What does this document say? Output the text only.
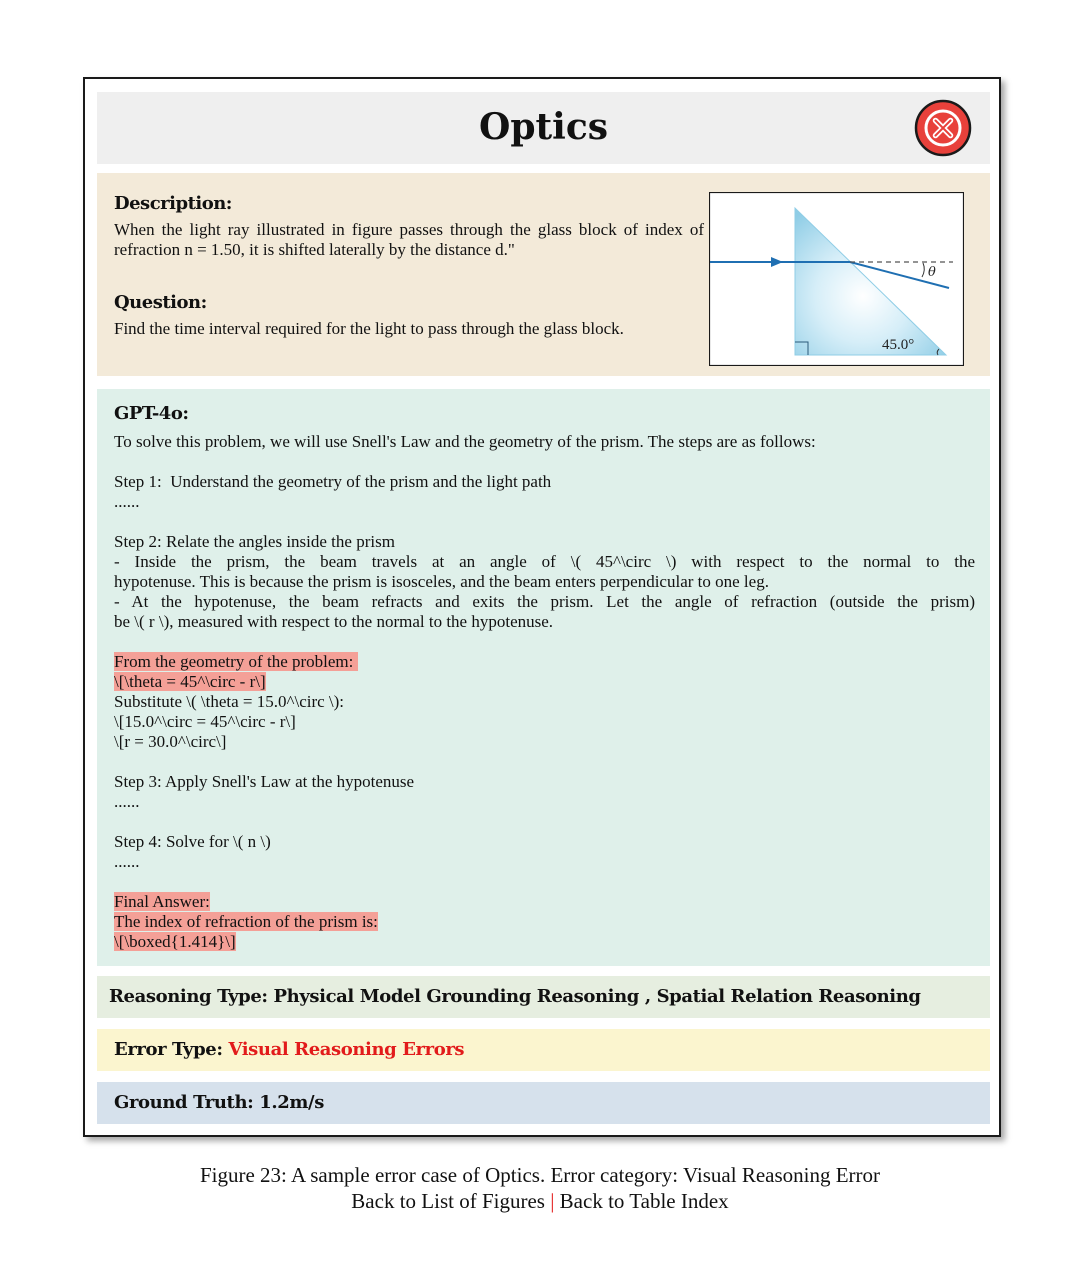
Optics
Description:
When the light ray illustrated in figure passes through the glass block of index of refraction n = 1.50, it is shifted laterally by the distance d."
Question:
Find the time interval required for the light to pass through the glass block.
θ
45.0°
GPT-4o:
To solve this problem, we will use Snell's Law and the geometry of the prism. The steps are as follows:
Step 1:  Understand the geometry of the prism and the light path
......
Step 2: Relate the angles inside the prism
- Inside the prism, the beam travels at an angle of \( 45^\circ \) with respect to the normal to the
hypotenuse. This is because the prism is isosceles, and the beam enters perpendicular to one leg.
- At the hypotenuse, the beam refracts and exits the prism. Let the angle of refraction (outside the prism)
be \( r \), measured with respect to the normal to the hypotenuse.
From the geometry of the problem:
\[\theta = 45^\circ - r\]
Substitute \( \theta = 15.0^\circ \):
\[15.0^\circ = 45^\circ - r\]
\[r = 30.0^\circ\]
Step 3: Apply Snell's Law at the hypotenuse
......
Step 4: Solve for \( n \)
......
Final Answer:
The index of refraction of the prism is:
\[\boxed{1.414}\]
Reasoning Type: Physical Model Grounding Reasoning , Spatial Relation Reasoning
Error Type: Visual Reasoning Errors
Ground Truth: 1.2m/s
Figure 23: A sample error case of Optics. Error category: Visual Reasoning Error
Back to List of Figures | Back to Table Index
